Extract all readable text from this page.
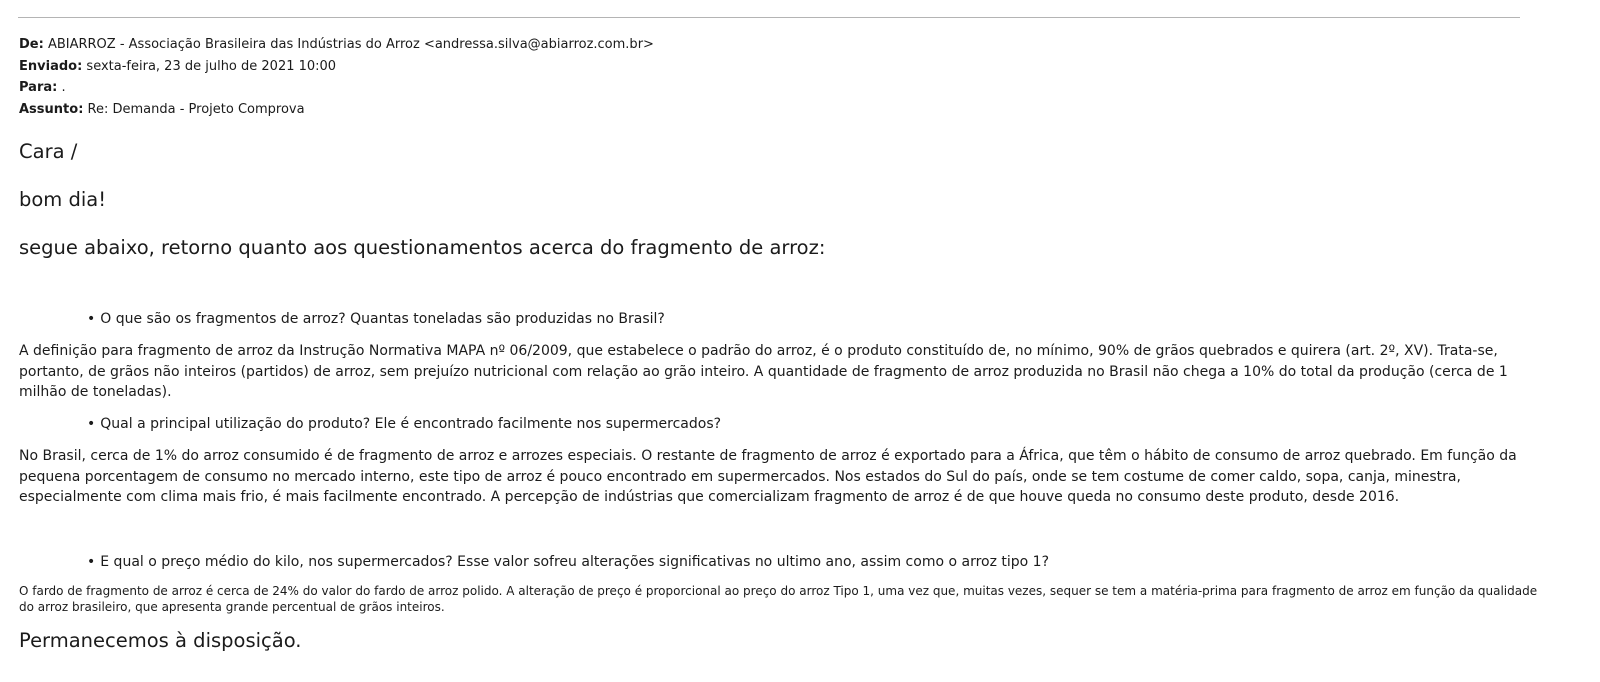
De: ABIARROZ - Associação Brasileira das Indústrias do Arroz <andressa.silva@abiarroz.com.br>
Enviado: sexta-feira, 23 de julho de 2021 10:00
Para: .
Assunto: Re: Demanda - Projeto Comprova
Cara /
bom dia!
segue abaixo, retorno quanto aos questionamentos acerca do fragmento de arroz:
• O que são os fragmentos de arroz? Quantas toneladas são produzidas no Brasil?
A definição para fragmento de arroz da Instrução Normativa MAPA nº 06/2009, que estabelece o padrão do arroz, é o produto constituído de, no mínimo, 90% de grãos quebrados e quirera (art. 2º, XV). Trata-se, portanto, de grãos não inteiros (partidos) de arroz, sem prejuízo nutricional com relação ao grão inteiro. A quantidade de fragmento de arroz produzida no Brasil não chega a 10% do total da produção (cerca de 1 milhão de toneladas).
• Qual a principal utilização do produto? Ele é encontrado facilmente nos supermercados?
No Brasil, cerca de 1% do arroz consumido é de fragmento de arroz e arrozes especiais. O restante de fragmento de arroz é exportado para a África, que têm o hábito de consumo de arroz quebrado. Em função da pequena porcentagem de consumo no mercado interno, este tipo de arroz é pouco encontrado em supermercados. Nos estados do Sul do país, onde se tem costume de comer caldo, sopa, canja, minestra, especialmente com clima mais frio, é mais facilmente encontrado. A percepção de indústrias que comercializam fragmento de arroz é de que houve queda no consumo deste produto, desde 2016.
• E qual o preço médio do kilo, nos supermercados? Esse valor sofreu alterações significativas no ultimo ano, assim como o arroz tipo 1?
O fardo de fragmento de arroz é cerca de 24% do valor do fardo de arroz polido. A alteração de preço é proporcional ao preço do arroz Tipo 1, uma vez que, muitas vezes, sequer se tem a matéria-prima para fragmento de arroz em função da qualidade do arroz brasileiro, que apresenta grande percentual de grãos inteiros.
Permanecemos à disposição.
